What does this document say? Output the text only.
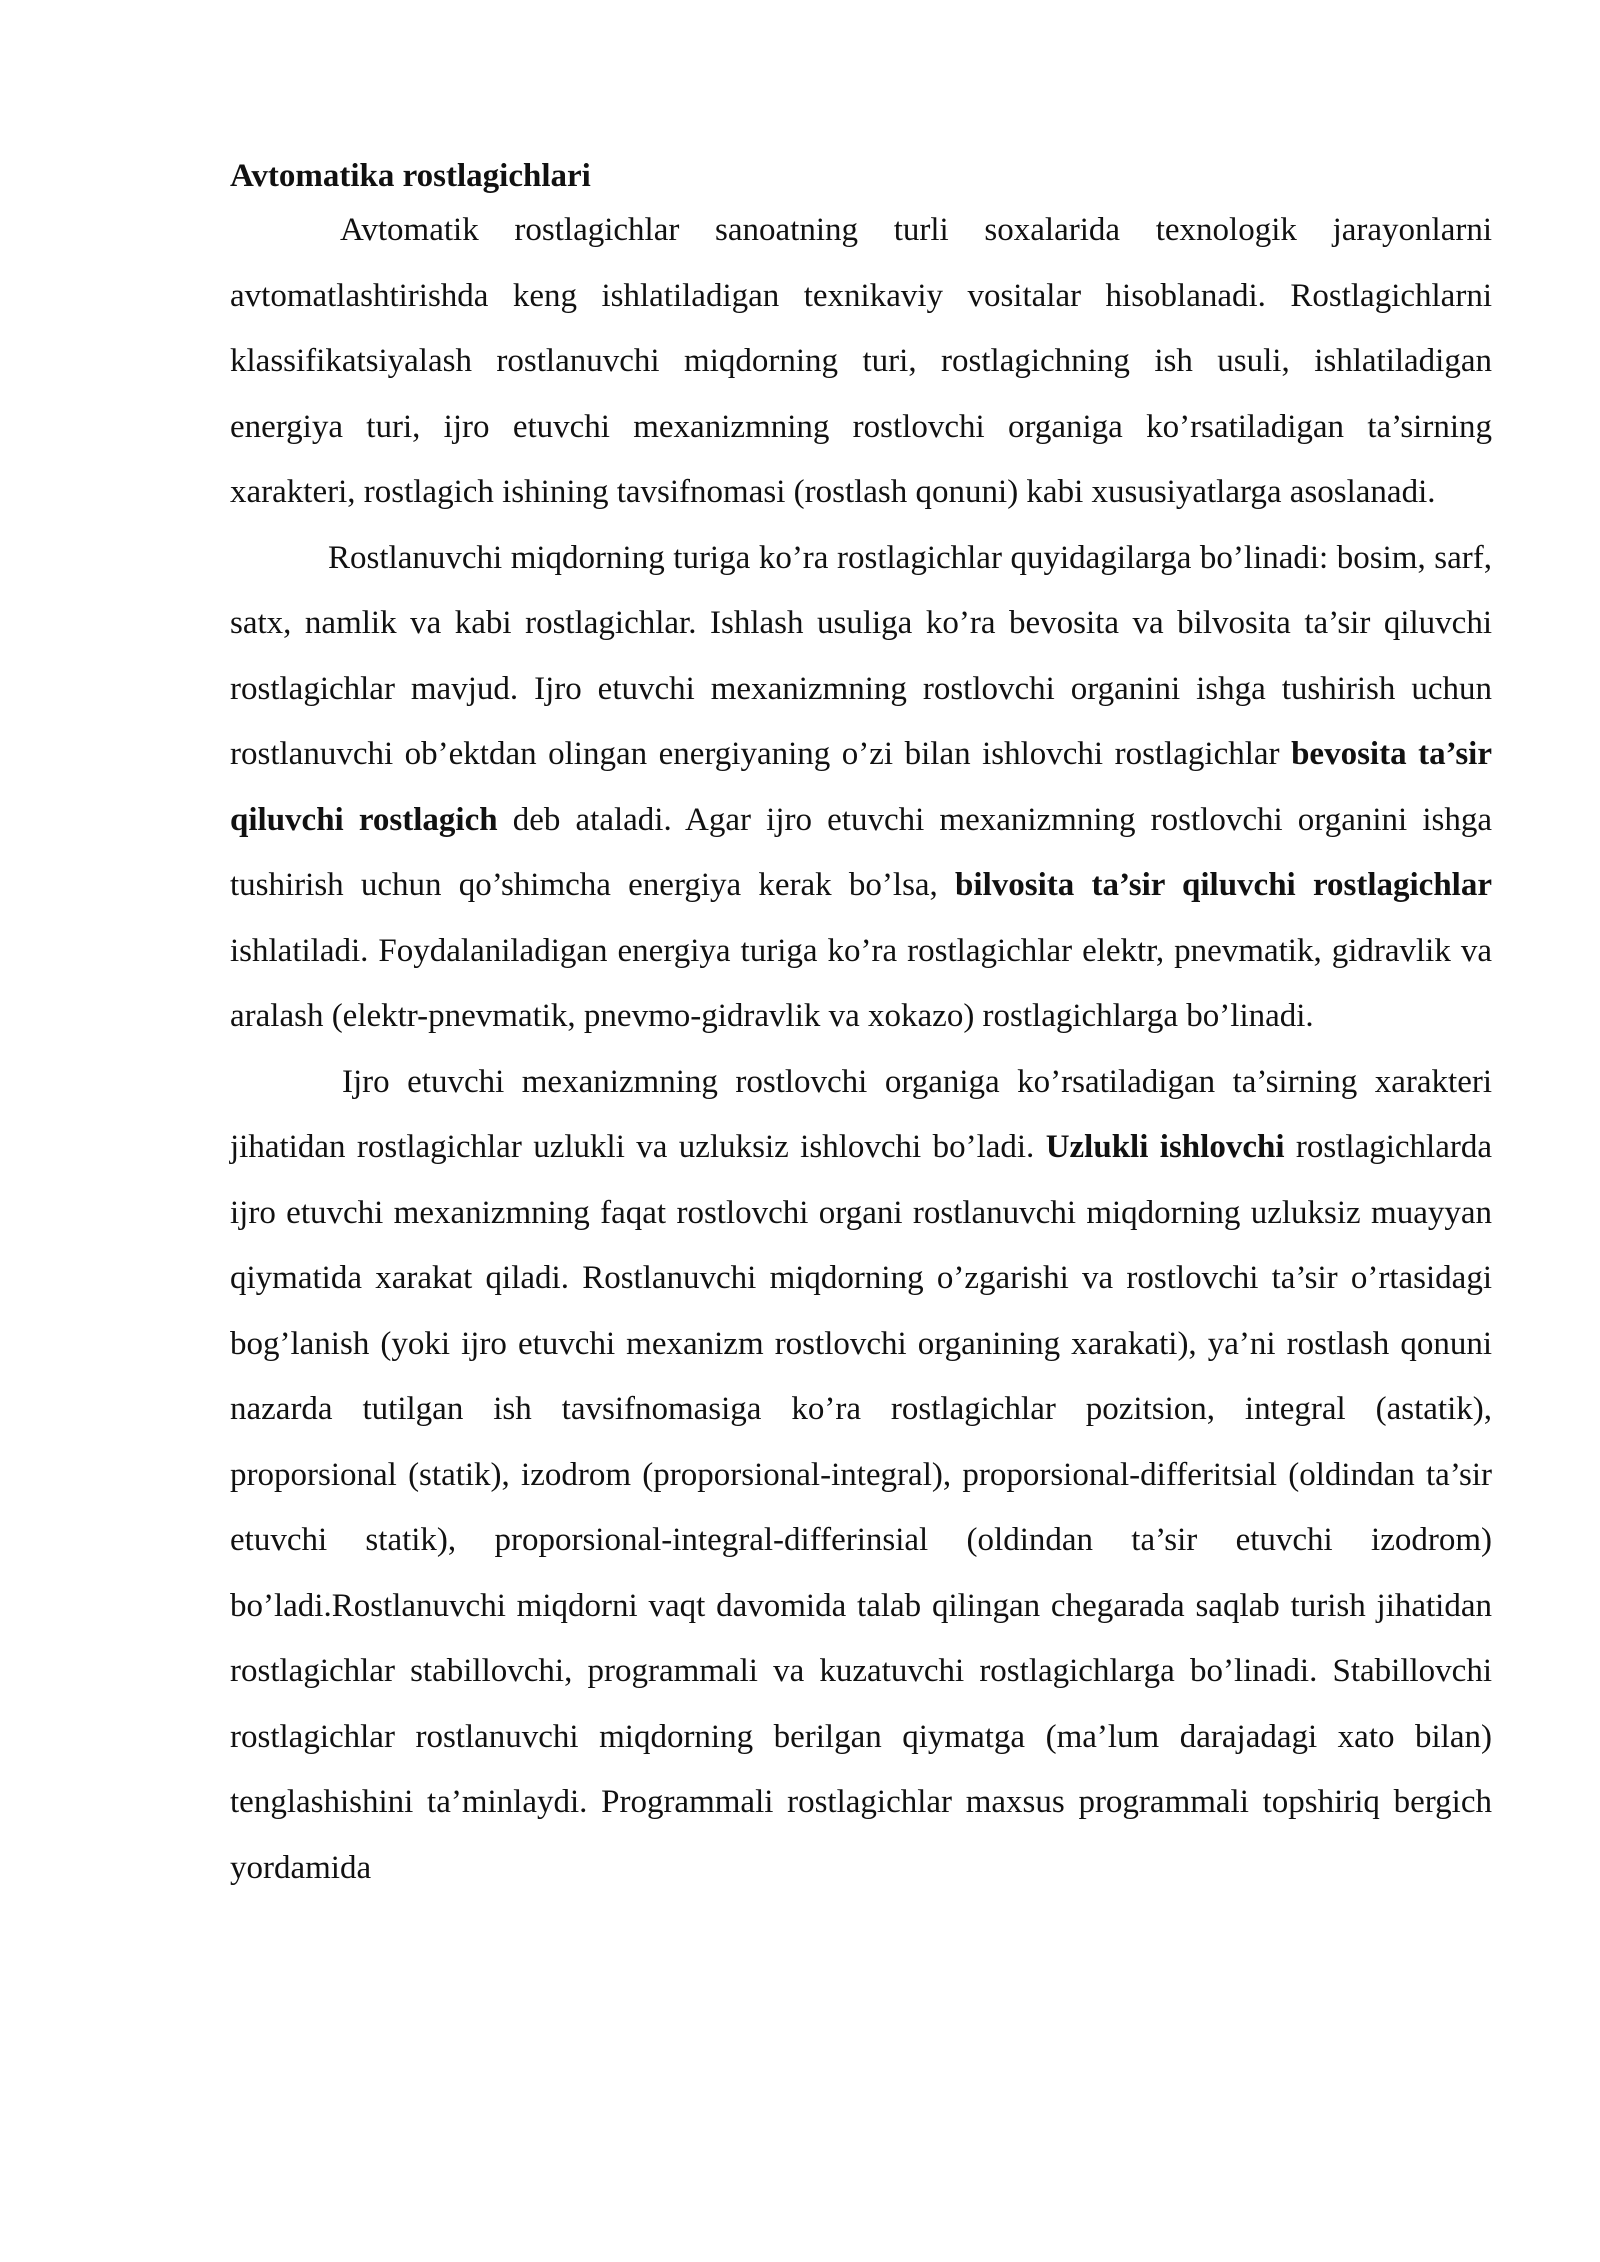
Avtomatika rostlagichlari

Avtomatik rostlagichlar sanoatning turli soxalarida texnologik jarayonlarni avtomatlashtirishda keng ishlatiladigan texnikaviy vositalar hisoblanadi. Rostlagichlarni klassifikatsiyalash rostlanuvchi miqdorning turi, rostlagichning ish usuli, ishlatiladigan energiya turi, ijro etuvchi mexanizmning rostlovchi organiga ko’rsatiladigan ta’sirning xarakteri, rostlagich ishining tavsifnomasi (rostlash qonuni) kabi xususiyatlarga asoslanadi.

Rostlanuvchi miqdorning turiga ko’ra rostlagichlar quyidagilarga bo’linadi: bosim, sarf, satx, namlik va kabi rostlagichlar. Ishlash usuliga ko’ra bevosita va bilvosita ta’sir qiluvchi rostlagichlar mavjud. Ijro etuvchi mexanizmning rostlovchi organini ishga tushirish uchun rostlanuvchi ob’ektdan olingan energiyaning o’zi bilan ishlovchi rostlagichlar bevosita ta’sir qiluvchi rostlagich deb ataladi. Agar ijro etuvchi mexanizmning rostlovchi organini ishga tushirish uchun qo’shimcha energiya kerak bo’lsa, bilvosita ta’sir qiluvchi rostlagichlar ishlatiladi. Foydalaniladigan energiya turiga ko’ra rostlagichlar elektr, pnevmatik, gidravlik va aralash (elektr-pnevmatik, pnevmo-gidravlik va xokazo) rostlagichlarga bo’linadi.

Ijro etuvchi mexanizmning rostlovchi organiga ko’rsatiladigan ta’sirning xarakteri jihatidan rostlagichlar uzlukli va uzluksiz ishlovchi bo’ladi. Uzlukli ishlovchi rostlagichlarda ijro etuvchi mexanizmning faqat rostlovchi organi rostlanuvchi miqdorning uzluksiz muayyan qiymatida xarakat qiladi. Rostlanuvchi miqdorning o’zgarishi va rostlovchi ta’sir o’rtasidagi bog’lanish (yoki ijro etuvchi mexanizm rostlovchi organining xarakati), ya’ni rostlash qonuni nazarda tutilgan ish tavsifnomasiga ko’ra rostlagichlar pozitsion, integral (astatik), proporsional (statik), izodrom (proporsional-integral), proporsional-differitsial (oldindan ta’sir etuvchi statik), proporsional-integral-differinsial (oldindan ta’sir etuvchi izodrom) bo’ladi.Rostlanuvchi miqdorni vaqt davomida talab qilingan chegarada saqlab turish jihatidan rostlagichlar stabillovchi, programmali va kuzatuvchi rostlagichlarga bo’linadi. Stabillovchi rostlagichlar rostlanuvchi miqdorning berilgan qiymatga (ma’lum darajadagi xato bilan) tenglashishini ta’minlaydi. Programmali rostlagichlar maxsus programmali topshiriq bergich yordamida
